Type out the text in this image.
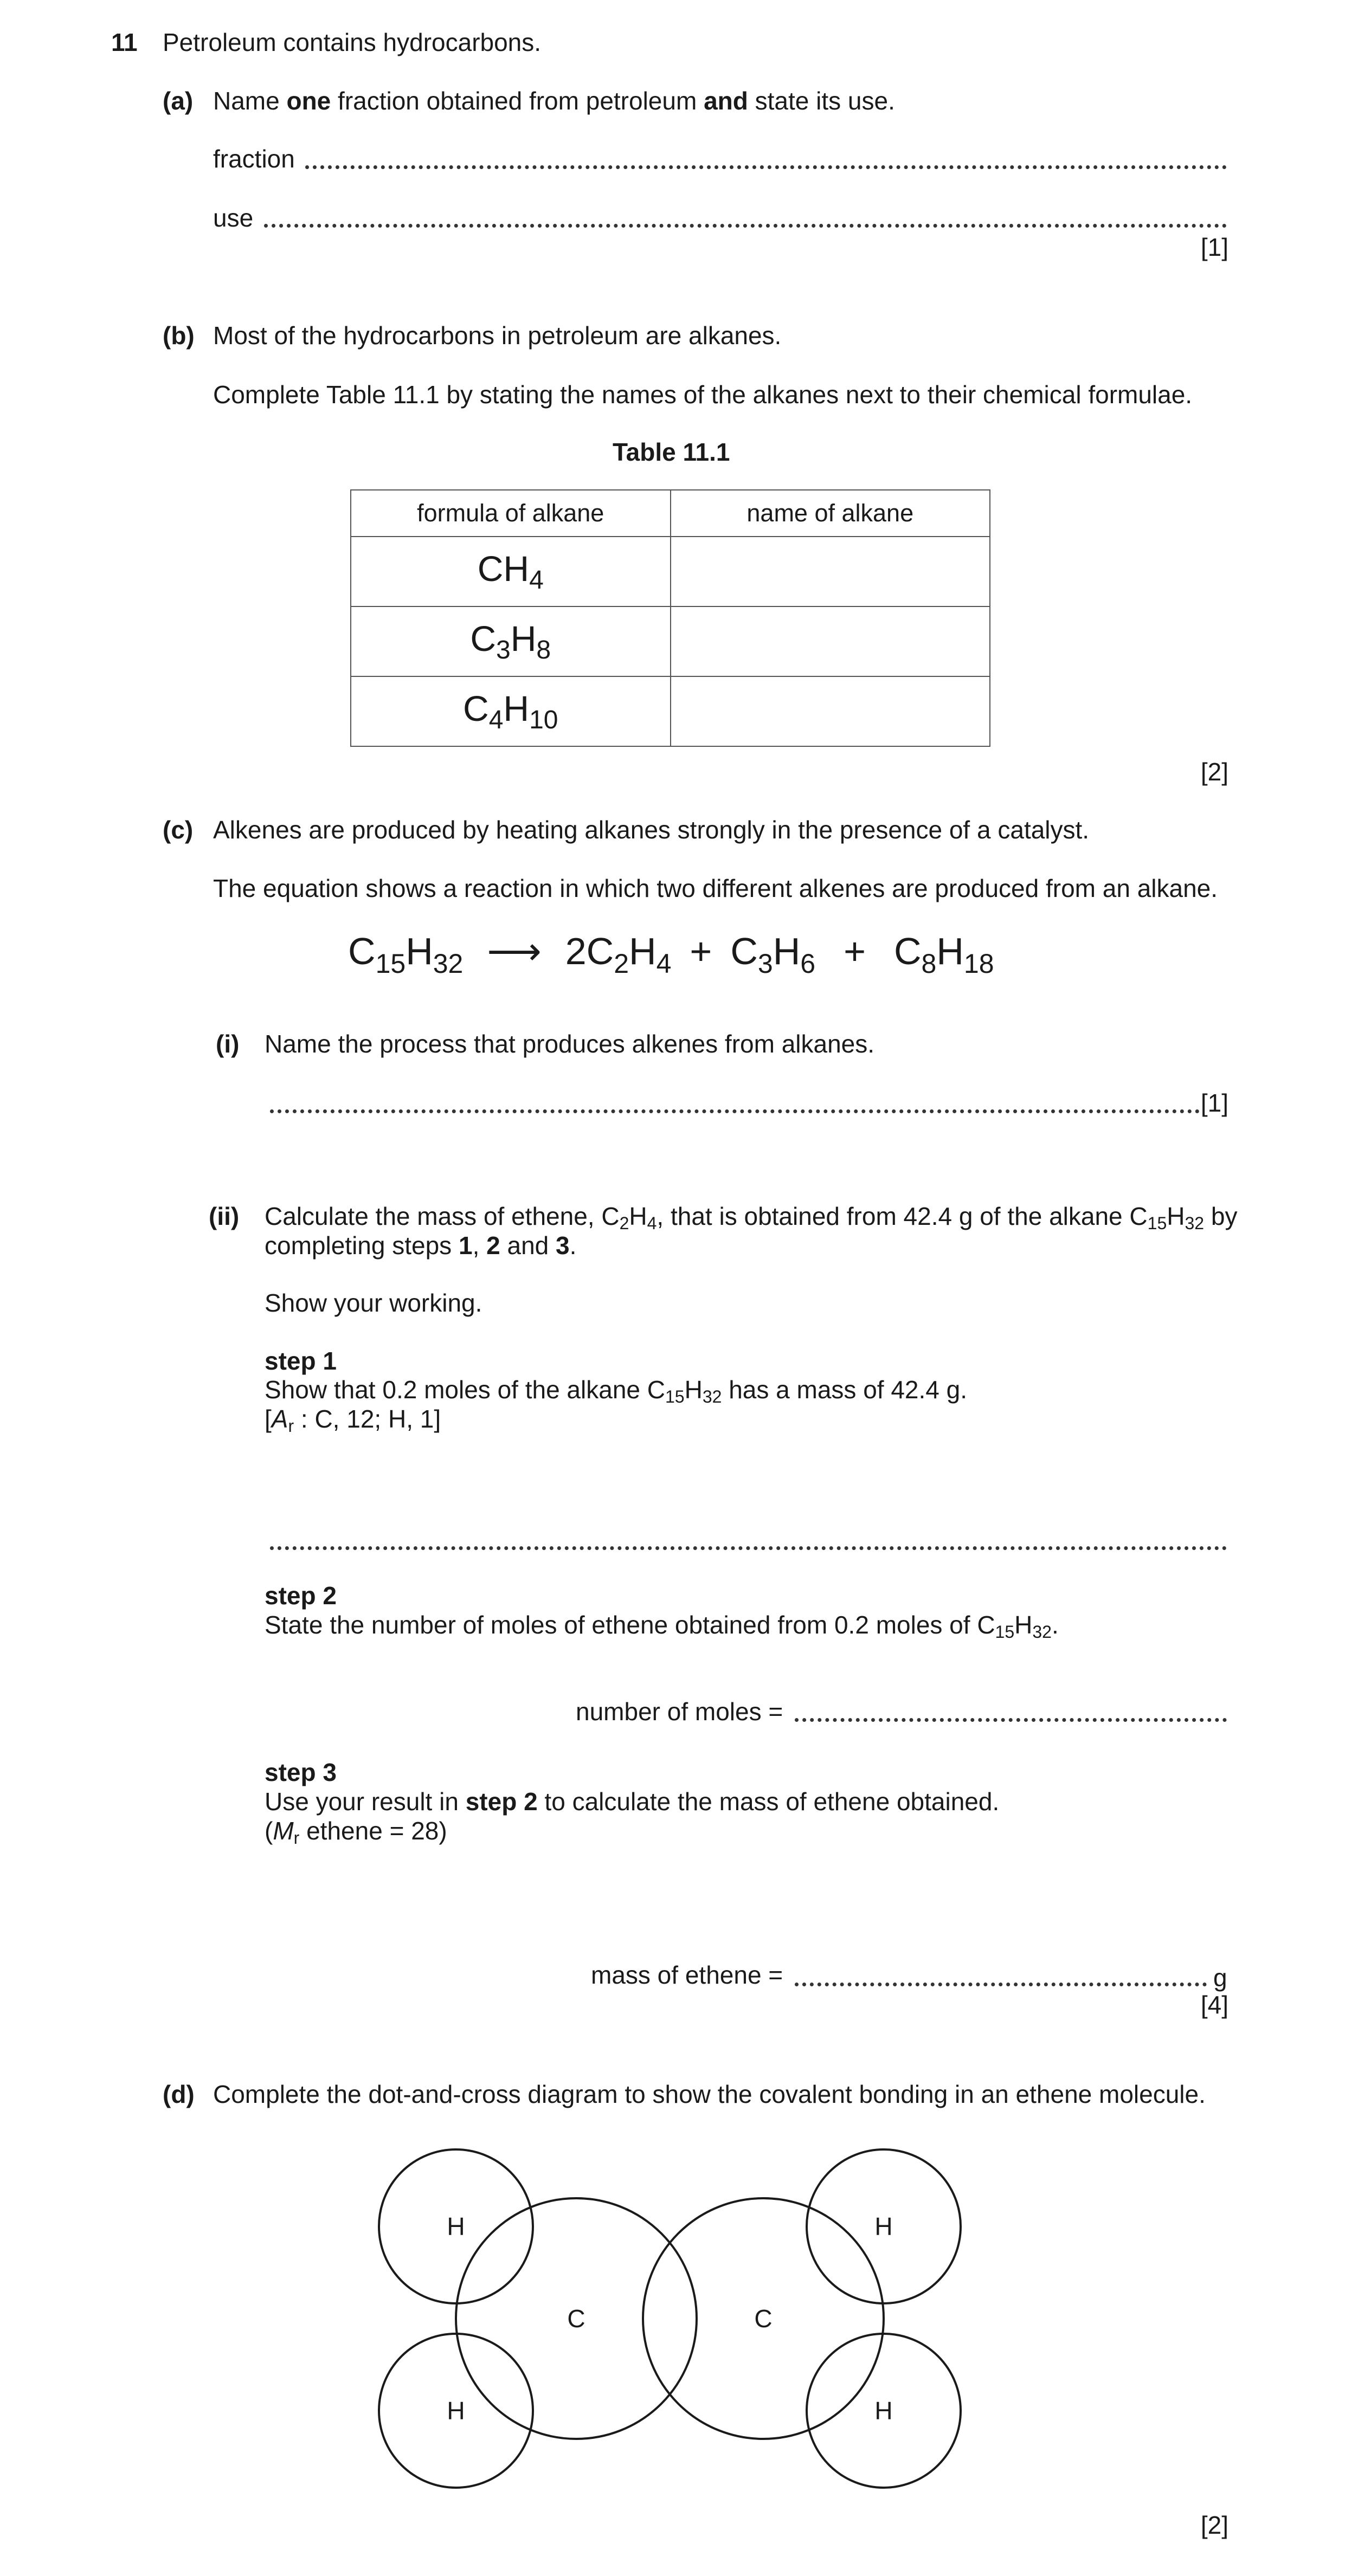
11 Petroleum contains hydrocarbons.
(a) Name one fraction obtained from petroleum and state its use.
fraction
use
[1]
(b) Most of the hydrocarbons in petroleum are alkanes.
Complete Table 11.1 by stating the names of the alkanes next to their chemical formulae.
Table 11.1
formula of alkane	name of alkane
$CH_4$	
$C_3H_8$	
$C_4H_{10}$	
[2]
(c) Alkenes are produced by heating alkanes strongly in the presence of a catalyst.
The equation shows a reaction in which two different alkenes are produced from an alkane.
$C_{15}H_{32}$ ⟶ $2C_2H_4 + C_3H_6 + C_8H_{18}$
(i) Name the process that produces alkenes from alkanes.
[1]
(ii) Calculate the mass of ethene, $C_2H_4$, that is obtained from 42.4 g of the alkane $C_{15}H_{32}$ by
completing steps 1, 2 and 3.
Show your working.
step 1
Show that 0.2 moles of the alkane $C_{15}H_{32}$ has a mass of 42.4 g.
[$A_r$ : C, 12; H, 1]
step 2
State the number of moles of ethene obtained from 0.2 moles of $C_{15}H_{32}$.
number of moles =
step 3
Use your result in step 2 to calculate the mass of ethene obtained.
($M_r$ ethene = 28)
mass of ethene =	g
[4]
(d) Complete the dot-and-cross diagram to show the covalent bonding in an ethene molecule.
H	H
H	H
C	C
[2]
